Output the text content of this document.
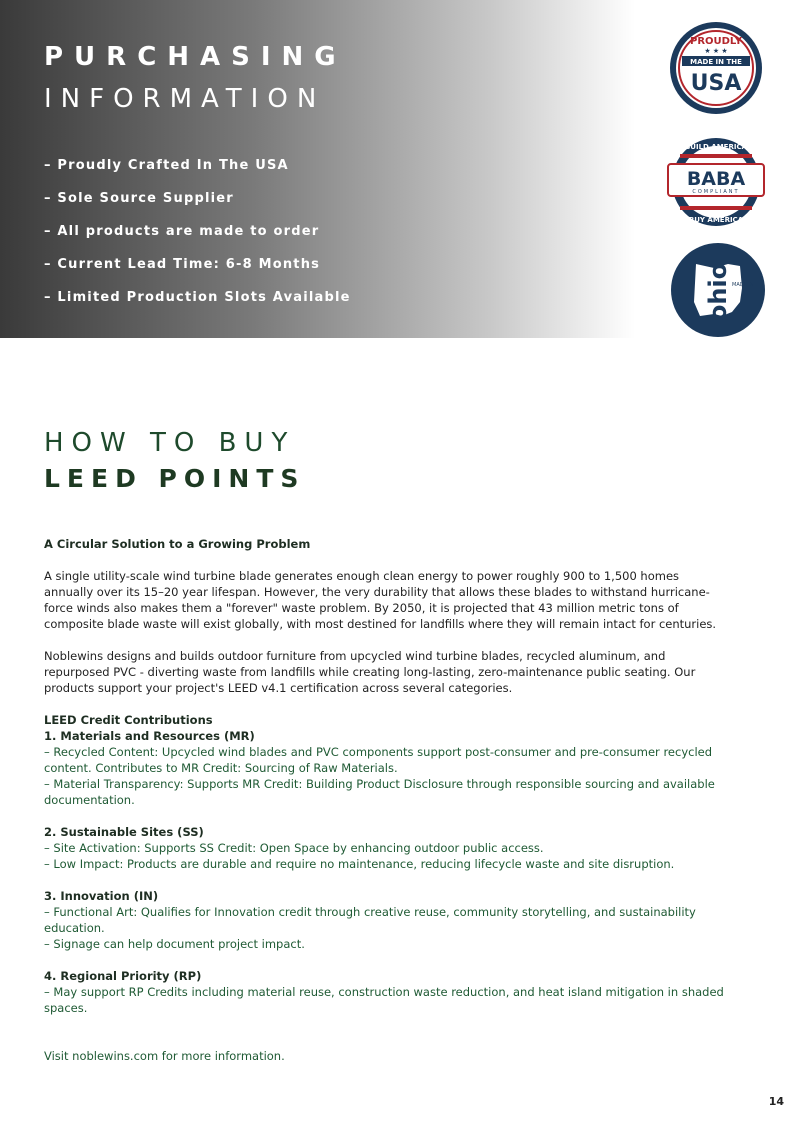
PURCHASING
INFORMATION

– Proudly Crafted In The USA

– Sole Source Supplier

– All products are made to order

– Current Lead Time: 6-8 Months

– Limited Production Slots Available

PROUDLY
★ ★ ★
MADE IN THE
USA
BUILD AMERICA
BABA
COMPLIANT
BUY AMERICA
ohio MADE IN
HOW TO BUY
LEED POINTS

A Circular Solution to a Growing Problem

A single utility-scale wind turbine blade generates enough clean energy to power roughly 900 to 1,500 homes annually over its 15–20 year lifespan. However, the very durability that allows these blades to withstand hurricane-force winds also makes them a "forever" waste problem. By 2050, it is projected that 43 million metric tons of composite blade waste will exist globally, with most destined for landfills where they will remain intact for centuries.

Noblewins designs and builds outdoor furniture from upcycled wind turbine blades, recycled aluminum, and repurposed PVC - diverting waste from landfills while creating long-lasting, zero-maintenance public seating. Our products support your project's LEED v4.1 certification across several categories.

LEED Credit Contributions

1. Materials and Resources (MR)

– Recycled Content: Upcycled wind blades and PVC components support post-consumer and pre-consumer recycled content. Contributes to MR Credit: Sourcing of Raw Materials.

– Material Transparency: Supports MR Credit: Building Product Disclosure through responsible sourcing and available documentation.

2. Sustainable Sites (SS)

– Site Activation: Supports SS Credit: Open Space by enhancing outdoor public access.

– Low Impact: Products are durable and require no maintenance, reducing lifecycle waste and site disruption.

3. Innovation (IN)

– Functional Art: Qualifies for Innovation credit through creative reuse, community storytelling, and sustainability education.

– Signage can help document project impact.

4. Regional Priority (RP)

– May support RP Credits including material reuse, construction waste reduction, and heat island mitigation in shaded spaces.

Visit noblewins.com for more information.

14
